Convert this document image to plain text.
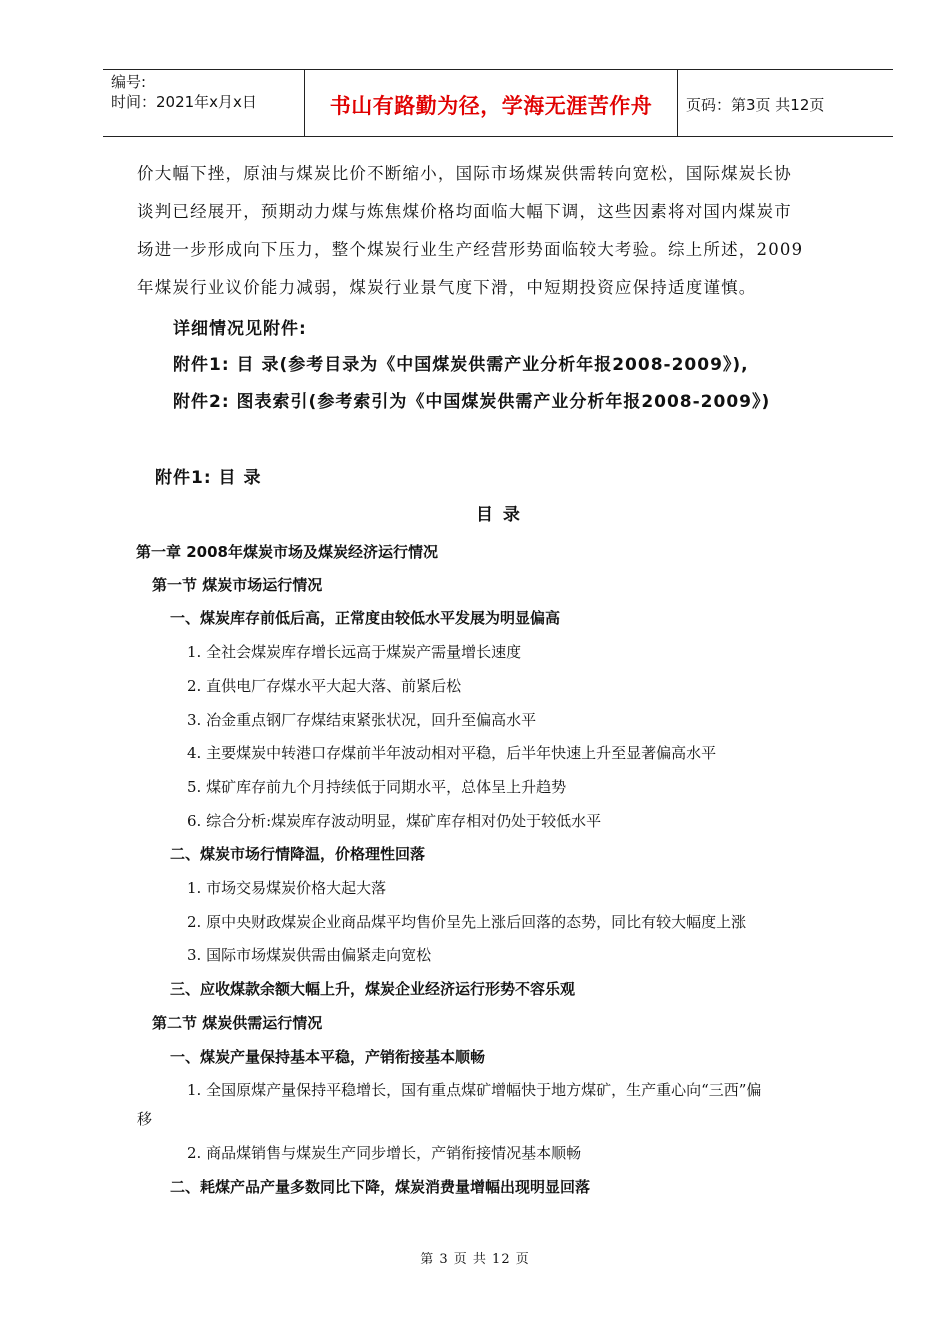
编号:
时间：2021年x月x日	书山有路勤为径，学海无涯苦作舟	页码：第3页 共12页
价大幅下挫，原油与煤炭比价不断缩小，国际市场煤炭供需转向宽松，国际煤炭长协
谈判已经展开，预期动力煤与炼焦煤价格均面临大幅下调，这些因素将对国内煤炭市
场进一步形成向下压力，整个煤炭行业生产经营形势面临较大考验。综上所述，2009
年煤炭行业议价能力减弱，煤炭行业景气度下滑，中短期投资应保持适度谨慎。
详细情况见附件:
附件1: 目 录(参考目录为《中国煤炭供需产业分析年报2008-2009》),
附件2: 图表索引(参考索引为《中国煤炭供需产业分析年报2008-2009》)
附件1: 目 录
目 录
第一章 2008年煤炭市场及煤炭经济运行情况
第一节 煤炭市场运行情况
一、煤炭库存前低后高，正常度由较低水平发展为明显偏高
1. 全社会煤炭库存增长远高于煤炭产需量增长速度
2. 直供电厂存煤水平大起大落、前紧后松
3. 冶金重点钢厂存煤结束紧张状况，回升至偏高水平
4. 主要煤炭中转港口存煤前半年波动相对平稳，后半年快速上升至显著偏高水平
5. 煤矿库存前九个月持续低于同期水平，总体呈上升趋势
6. 综合分析:煤炭库存波动明显，煤矿库存相对仍处于较低水平
二、煤炭市场行情降温，价格理性回落
1. 市场交易煤炭价格大起大落
2. 原中央财政煤炭企业商品煤平均售价呈先上涨后回落的态势，同比有较大幅度上涨
3. 国际市场煤炭供需由偏紧走向宽松
三、应收煤款余额大幅上升，煤炭企业经济运行形势不容乐观
第二节 煤炭供需运行情况
一、煤炭产量保持基本平稳，产销衔接基本顺畅
1. 全国原煤产量保持平稳增长，国有重点煤矿增幅快于地方煤矿，生产重心向“三西”偏
移
2. 商品煤销售与煤炭生产同步增长，产销衔接情况基本顺畅
二、耗煤产品产量多数同比下降，煤炭消费量增幅出现明显回落
第 3 页 共 12 页
